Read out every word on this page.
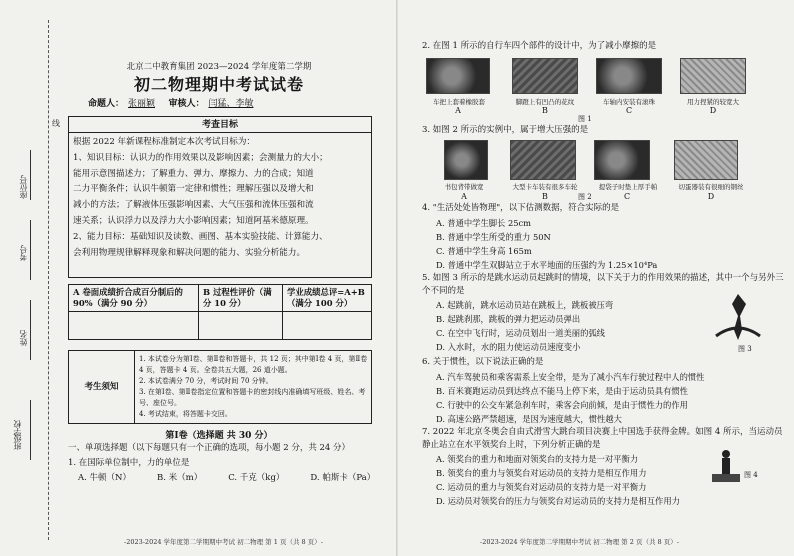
学校
班级
姓名
考号
座位号
线
北京二中教育集团 2023—2024 学年度第二学期
初二物理期中考试试卷
命题人： 张丽颖 审核人： 闫猛、李敏
考查目标
根据 2022 年新课程标准制定本次考试目标为：
1、知识目标：认识力的作用效果以及影响因素；会测量力的大小；
能用示意图描述力；了解重力、弹力、摩擦力、力的合成；知道
二力平衡条件；认识牛顿第一定律和惯性；理解压强以及增大和
减小的方法；了解液体压强影响因素、大气压强和流体压强和流
速关系；认识浮力以及浮力大小影响因素；知道阿基米德原理。
2、能力目标：基础知识及读数、画图、基本实验技能、计算能力、
会利用物理规律解释现象和解决问题的能力、实验分析能力。
A 卷面成绩折合成百分制后的 90%（满分 90 分）	B 过程性评价（满分 10 分）	学业成绩总评=A+B（满分 100 分）

考生须知
1. 本试卷分为第Ⅰ卷、第Ⅱ卷和答题卡，共 12 页；其中第Ⅰ卷 4 页，第Ⅱ卷 4 页，答题卡 4 页。全卷共五大题，26 道小题。
2. 本试卷满分 70 分，考试时间 70 分钟。
3. 在第Ⅰ卷、第Ⅱ卷指定位置和答题卡的密封线内准确填写班级、姓名、考号、座位号。
4. 考试结束，将答题卡交回。
第Ⅰ卷（选择题 共 30 分）
一、单项选择题（以下每题只有一个正确的选项，每小题 2 分，共 24 分）
1. 在国际单位制中，力的单位是
A. 牛顿（N）	B. 米（m）	C. 千克（kg）	D. 帕斯卡（Pa）
-2023-2024 学年度第二学期期中考试 初二物理 第 1 页（共 8 页）-
2. 在图 1 所示的自行车四个部件的设计中，为了减小摩擦的是
车把上套着橡胶套	脚蹬上有凹凸的花纹	车轴内安装有滚珠	用力捏紧的较宽大
A	B	C	D
图 1
3. 如图 2 所示的实例中，属于增大压强的是
书包背带做宽	大型卡车装有很多车轮	提袋子时垫上厚手帕	切蛋器装有很细的钢丝
A	B	C	D
图 2
4. "生活处处皆物理"，以下估测数据，符合实际的是
A. 普通中学生脚长 25cm
B. 普通中学生所受的重力 50N
C. 普通中学生身高 165m
D. 普通中学生双脚站立于水平地面的压强约为 1.25×10⁴Pa
5. 如图 3 所示的是跳水运动员起跳时的情境，以下关于力的作用效果的描述，其中一个与另外三个不同的是
A. 起跳前，跳水运动员站在跳板上，跳板被压弯
B. 起跳刹那，跳板的弹力把运动员弹出
C. 在空中飞行时，运动员划出一道美丽的弧线
D. 入水时，水的阻力使运动员速度变小	图 3
6. 关于惯性，以下说法正确的是
A. 汽车驾驶员和乘客需系上安全带，是为了减小汽车行驶过程中人的惯性
B. 百米赛跑运动员到达终点不能马上停下来，是由于运动员具有惯性
C. 行驶中的公交车紧急刹车时，乘客会向前倾，是由于惯性力的作用
D. 高速公路严禁超速，是因为速度越大，惯性越大
7. 2022 年北京冬奥会自由式滑雪大跳台项目决赛上中国选手获得金牌。如图 4 所示，当运动员静止站立在水平领奖台上时，下列分析正确的是
A. 领奖台的重力和地面对领奖台的支持力是一对平衡力
B. 领奖台的重力与领奖台对运动员的支持力是相互作用力
C. 运动员的重力与领奖台对运动员的支持力是一对平衡力
D. 运动员对领奖台的压力与领奖台对运动员的支持力是相互作用力
图 4
-2023-2024 学年度第二学期期中考试 初二物理 第 2 页（共 8 页）-
